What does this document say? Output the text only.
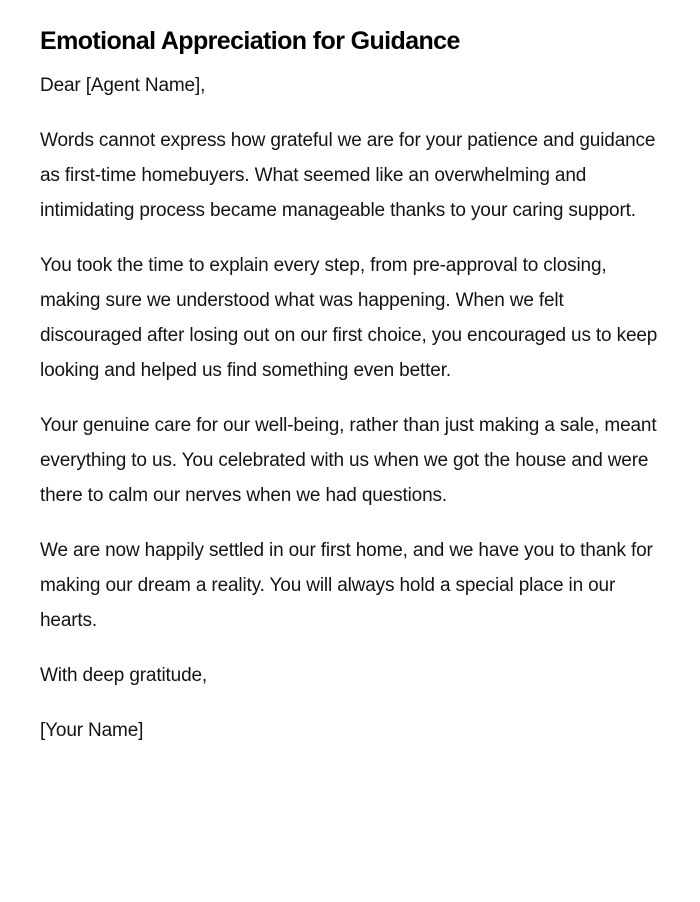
Emotional Appreciation for Guidance

Dear [Agent Name],

Words cannot express how grateful we are for your patience and guidance as first-time homebuyers. What seemed like an overwhelming and intimidating process became manageable thanks to your caring support.

You took the time to explain every step, from pre-approval to closing, making sure we understood what was happening. When we felt discouraged after losing out on our first choice, you encouraged us to keep looking and helped us find something even better.

Your genuine care for our well-being, rather than just making a sale, meant everything to us. You celebrated with us when we got the house and were there to calm our nerves when we had questions.

We are now happily settled in our first home, and we have you to thank for making our dream a reality. You will always hold a special place in our hearts.

With deep gratitude,

[Your Name]
